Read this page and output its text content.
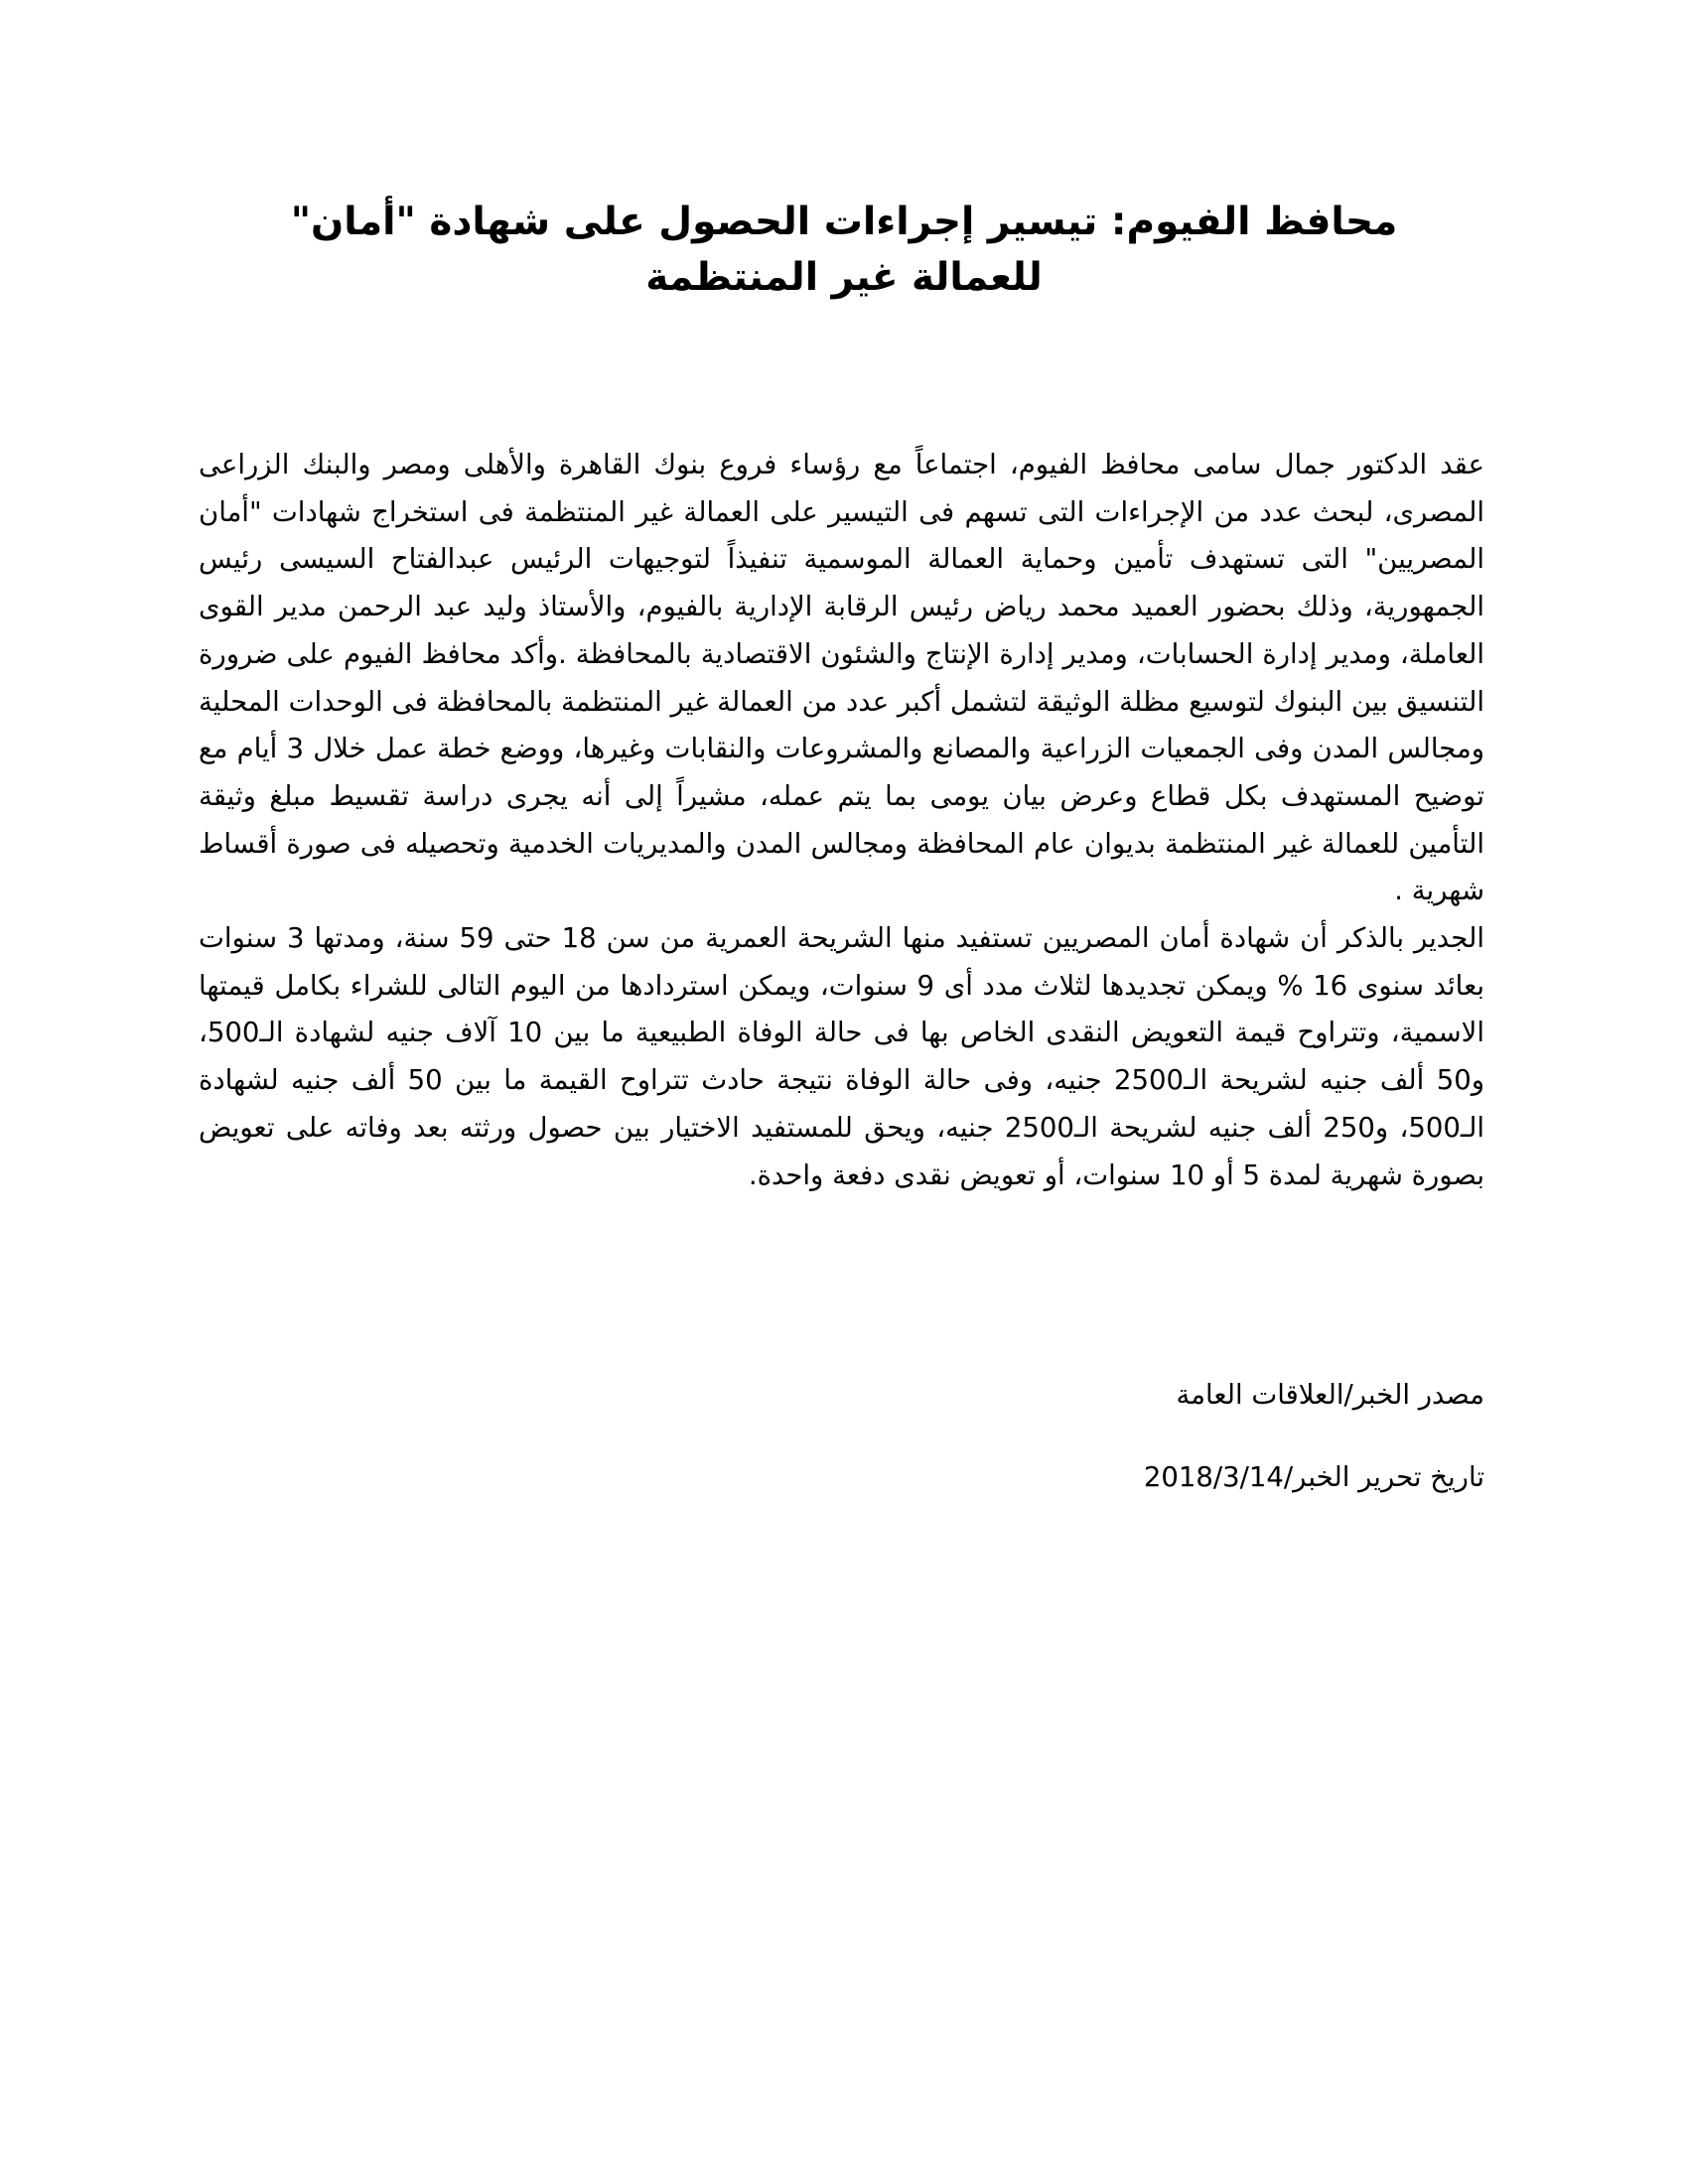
محافظ الفيوم: تيسير إجراءات الحصول على شهادة "أمان" للعمالة غير المنتظمة
عقد الدكتور جمال سامى محافظ الفيوم، اجتماعاً مع رؤساء فروع بنوك القاهرة والأهلى ومصر والبنك الزراعى المصرى، لبحث عدد من الإجراءات التى تسهم فى التيسير على العمالة غير المنتظمة فى استخراج شهادات "أمان المصريين" التى تستهدف تأمين وحماية العمالة الموسمية تنفيذاً لتوجيهات الرئيس عبدالفتاح السيسى رئيس الجمهورية، وذلك بحضور العميد محمد رياض رئيس الرقابة الإدارية بالفيوم، والأستاذ وليد عبد الرحمن مدير القوى العاملة، ومدير إدارة الحسابات، ومدير إدارة الإنتاج والشئون الاقتصادية بالمحافظة .وأكد محافظ الفيوم على ضرورة التنسيق بين البنوك لتوسيع مظلة الوثيقة لتشمل أكبر عدد من العمالة غير المنتظمة بالمحافظة فى الوحدات المحلية ومجالس المدن وفى الجمعيات الزراعية والمصانع والمشروعات والنقابات وغيرها، ووضع خطة عمل خلال 3 أيام مع توضيح المستهدف بكل قطاع وعرض بيان يومى بما يتم عمله، مشيراً إلى أنه يجرى دراسة تقسيط مبلغ وثيقة التأمين للعمالة غير المنتظمة بديوان عام المحافظة ومجالس المدن والمديريات الخدمية وتحصيله فى صورة أقساط شهرية .
الجدير بالذكر أن شهادة أمان المصريين تستفيد منها الشريحة العمرية من سن 18 حتى 59 سنة، ومدتها 3 سنوات بعائد سنوى 16 % ويمكن تجديدها لثلاث مدد أى 9 سنوات، ويمكن استردادها من اليوم التالى للشراء بكامل قيمتها الاسمية، وتتراوح قيمة التعويض النقدى الخاص بها فى حالة الوفاة الطبيعية ما بين 10 آلاف جنيه لشهادة الـ500، و50 ألف جنيه لشريحة الـ2500 جنيه، وفى حالة الوفاة نتيجة حادث تتراوح القيمة ما بين 50 ألف جنيه لشهادة الـ500، و250 ألف جنيه لشريحة الـ2500 جنيه، ويحق للمستفيد الاختيار بين حصول ورثته بعد وفاته على تعويض بصورة شهرية لمدة 5 أو 10 سنوات، أو تعويض نقدى دفعة واحدة.

مصدر الخبر/العلاقات العامة

تاريخ تحرير الخبر/2018/3/14
